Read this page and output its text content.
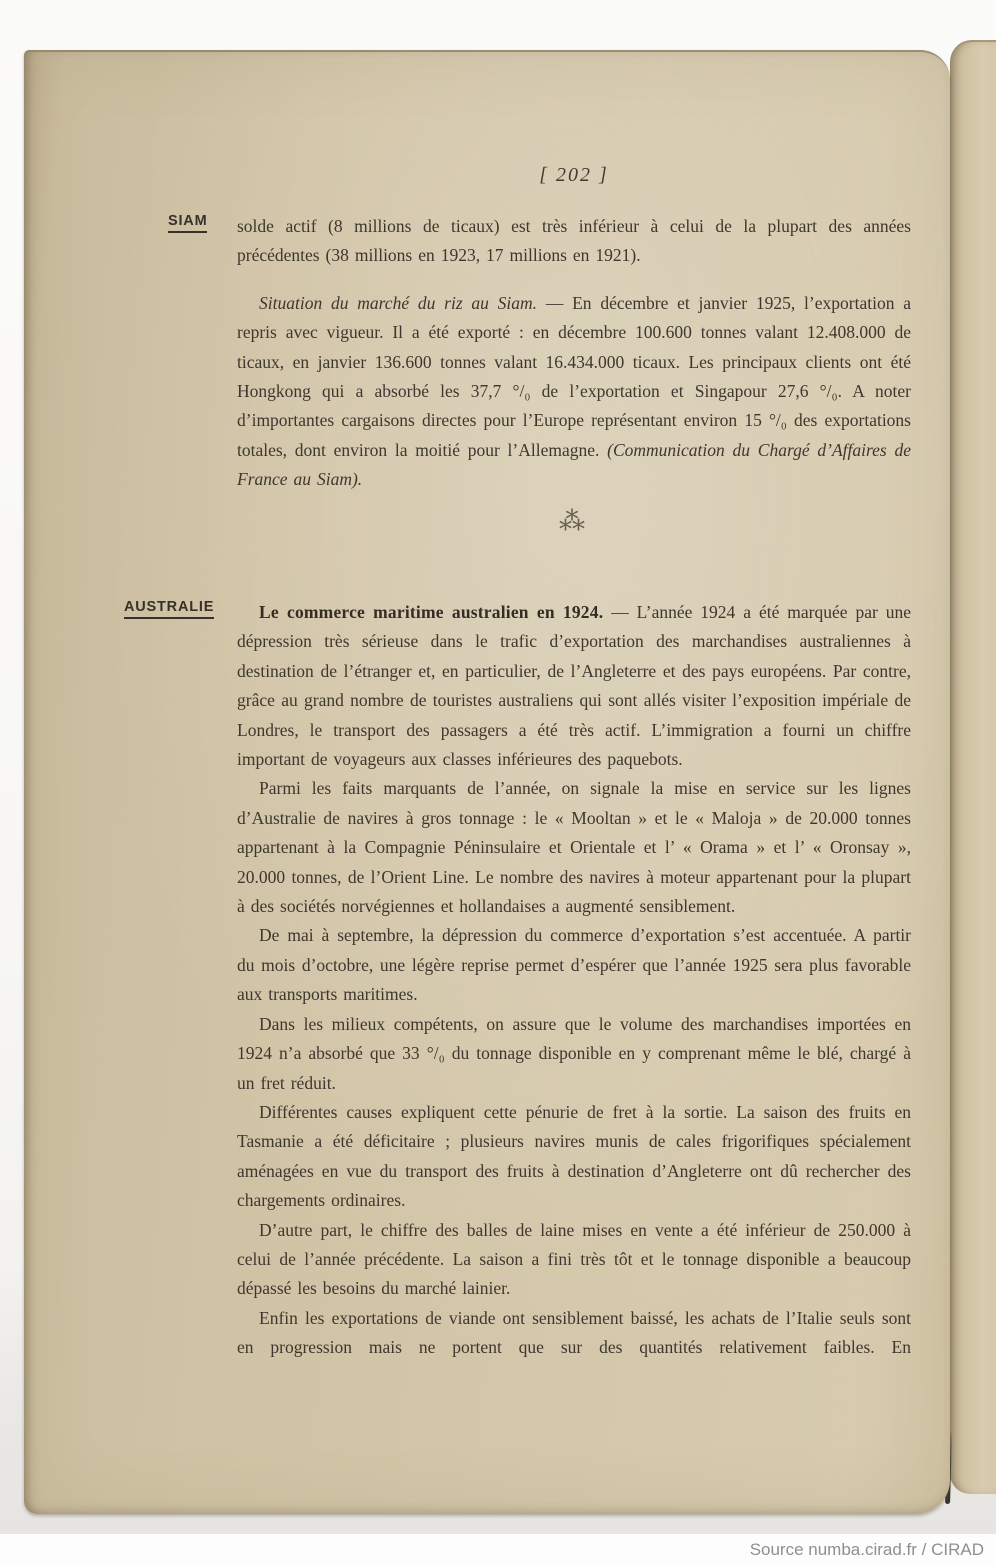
[ 202 ]
SIAM solde actif (8 millions de ticaux) est très inférieur à celui de la plupart des années précédentes (38 millions en 1923, 17 millions en 1921).

Situation du marché du riz au Siam. — En décembre et janvier 1925, l’exportation a repris avec vigueur. Il a été exporté : en décembre 100.600 tonnes valant 12.408.000 de ticaux, en janvier 136.600 tonnes valant 16.434.000 ticaux. Les principaux clients ont été Hongkong qui a absorbé les 37,7 °/₀ de l’exportation et Singapour 27,6 °/₀. A noter d’importantes cargaisons directes pour l’Europe représentant environ 15 °/₀ des exportations totales, dont environ la moitié pour l’Allemagne. (Communication du Chargé d’Affaires de France au Siam).

⁂
AUSTRALIE	Le commerce maritime australien en 1924. — L’année 1924 a été marquée par une dépression très sérieuse dans le trafic d’exportation des marchandises australiennes à destination de l’étranger et, en particulier, de l’Angleterre et des pays européens. Par contre, grâce au grand nombre de touristes australiens qui sont allés visiter l’exposition impériale de Londres, le transport des passagers a été très actif. L’immigration a fourni un chiffre important de voyageurs aux classes inférieures des paquebots.

Parmi les faits marquants de l’année, on signale la mise en service sur les lignes d’Australie de navires à gros tonnage : le « Mooltan » et le « Maloja » de 20.000 tonnes appartenant à la Compagnie Péninsulaire et Orientale et l’ « Orama » et l’ « Oronsay », 20.000 tonnes, de l’Orient Line. Le nombre des navires à moteur appartenant pour la plupart à des sociétés norvégiennes et hollandaises a augmenté sensiblement.

De mai à septembre, la dépression du commerce d’exportation s’est accentuée. A partir du mois d’octobre, une légère reprise permet d’espérer que l’année 1925 sera plus favorable aux transports maritimes.

Dans les milieux compétents, on assure que le volume des marchandises importées en 1924 n’a absorbé que 33 °/₀ du tonnage disponible en y comprenant même le blé, chargé à un fret réduit.

Différentes causes expliquent cette pénurie de fret à la sortie. La saison des fruits en Tasmanie a été déficitaire ; plusieurs navires munis de cales frigorifiques spécialement aménagées en vue du transport des fruits à destination d’Angleterre ont dû rechercher des chargements ordinaires.

D’autre part, le chiffre des balles de laine mises en vente a été inférieur de 250.000 à celui de l’année précédente. La saison a fini très tôt et le tonnage disponible a beaucoup dépassé les besoins du marché lainier.

Enfin les exportations de viande ont sensiblement baissé, les achats de l’Italie seuls sont en progression mais ne portent que sur des quantités relativement faibles. En

Source numba.cirad.fr / CIRAD
